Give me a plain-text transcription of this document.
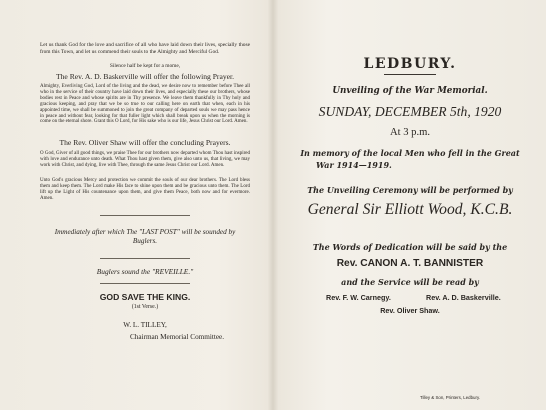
Let us thank God for the love and sacrifice of all who have laid down their lives, specially those from this Town, and let us commend their souls to the Almighty and Merciful God.
Silence half be kept for a mome,
The Rev. A. D. Baskerville will offer the following Prayer.
Almighty, Everliving God, Lord of the living and the dead, we desire now to remember before Thee all who in the service of their country have laid down their lives, and especially these our brothers, whose bodies rest in Peace and whose spirits are in Thy presence. We leave them thankfully in Thy holy and gracious keeping, and pray that we be so true to our calling here on earth that when, each in his appointed time, we shall be summoned to join the great company of departed souls we may pass hence in peace and without fear, looking for that fuller light which shall break upon us when the morning is come on the eternal shore. Grant this O Lord, for His sake who is our life, Jesus Christ our Lord. Amen.
The Rev. Oliver Shaw will offer the concluding Prayers.
O God, Giver of all good things, we praise Thee for our brothers now departed whom Thou hast inspired with love and endurance unto death. What Thou hast given them, give also unto us, that living, we may work with Christ, and dying, live with Thee, through the same Jesus Christ our Lord. Amen.
Unto God's gracious Mercy and protection we commit the souls of our dear brothers. The Lord bless them and keep them. The Lord make His face to shine upon them and be gracious unto them. The Lord lift up the Light of His countenance upon them, and give them Peace, both now and for evermore. Amen.
Immediately after which The "LAST POST" will be sounded by Buglers.
Buglers sound the "REVEILLE."
GOD SAVE THE KING.
(1st Verse.)
W. L. TILLEY,
Chairman Memorial Committee.
LEDBURY.
Unveiling of the War Memorial.
SUNDAY, DECEMBER 5th, 1920
At 3 p.m.
In memory of the local Men who fell in the Great
War 1914—1919.
The Unveiling Ceremony will be performed by
General Sir Elliott Wood, K.C.B.
The Words of Dedication will be said by the
Rev. CANON A. T. BANNISTER
and the Service will be read by
Rev. F. W. Carnegy.	Rev. A. D. Baskerville.
Rev. Oliver Shaw.
Tilley & Son, Printers, Ledbury.
